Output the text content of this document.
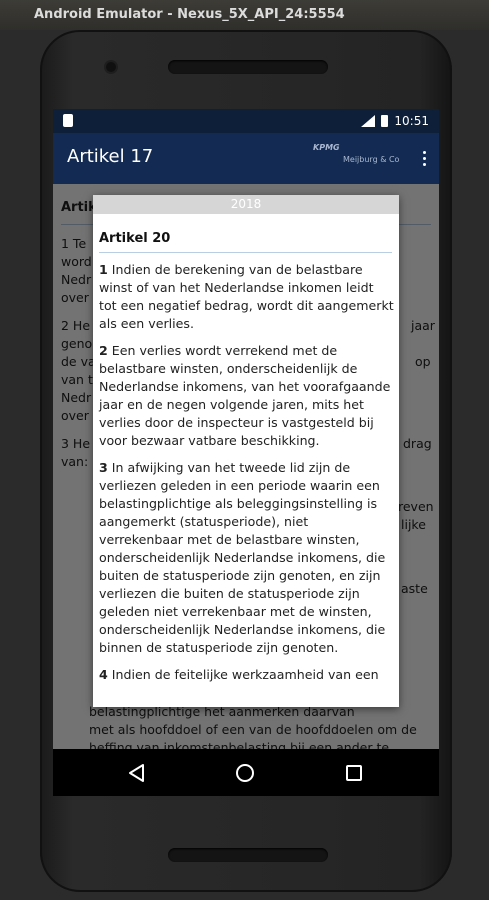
Android Emulator - Nexus_5X_API_24:5554
10:51
Artikel 17	KPMG
Meijburg & Co
2018
Artikel 20

1 Indien de berekening van de belastbare winst of van het Nederlandse inkomen leidt tot een negatief bedrag, wordt dit aangemerkt als een verlies.

2 Een verlies wordt verrekend met de belastbare winsten, onderscheidenlijk de Nederlandse inkomens, van het voorafgaande jaar en de negen volgende jaren, mits het verlies door de inspecteur is vastgesteld bij voor bezwaar vatbare beschikking.

3 In afwijking van het tweede lid zijn de verliezen geleden in een periode waarin een belastingplichtige als beleggingsinstelling is aangemerkt (statusperiode), niet verrekenbaar met de belastbare winsten, onderscheidenlijk Nederlandse inkomens, die buiten de statusperiode zijn genoten, en zijn verliezen die buiten de statusperiode zijn geleden niet verrekenbaar met de winsten, onderscheidenlijk Nederlandse inkomens, die binnen de statusperiode zijn genoten.

4 Indien de feitelijke werkzaamheid van een
